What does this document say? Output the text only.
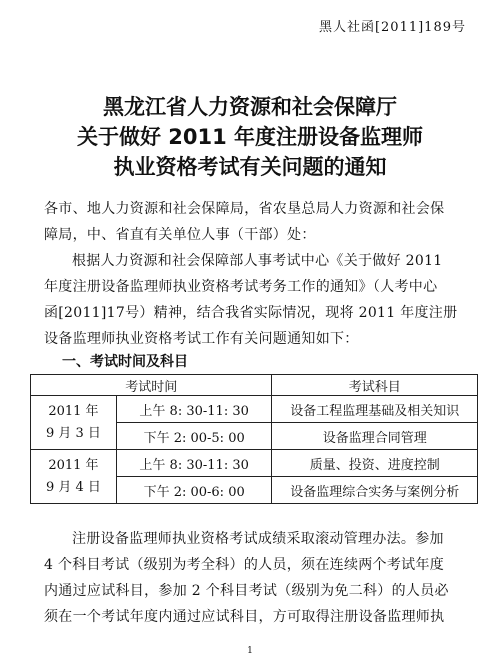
黑人社函[2011]189号
黑龙江省人力资源和社会保障厅
关于做好 2011 年度注册设备监理师
执业资格考试有关问题的通知
各市、地人力资源和社会保障局，省农垦总局人力资源和社会保
障局，中、省直有关单位人事（干部）处：
根据人力资源和社会保障部人事考试中心《关于做好 2011
年度注册设备监理师执业资格考试考务工作的通知》（人考中心
函[2011]17号）精神，结合我省实际情况，现将 2011 年度注册
设备监理师执业资格考试工作有关问题通知如下：
一、考试时间及科目
考试时间		考试科目

2011 年
9 月 3 日	上午 8: 30-11: 30	设备工程监理基础及相关知识
	下午 2: 00-5: 00	设备监理合同管理

2011 年
9 月 4 日	上午 8: 30-11: 30	质量、投资、进度控制
	下午 2: 00-6: 00	设备监理综合实务与案例分析
注册设备监理师执业资格考试成绩采取滚动管理办法。参加
4 个科目考试（级别为考全科）的人员，须在连续两个考试年度
内通过应试科目，参加 2 个科目考试（级别为免二科）的人员必
须在一个考试年度内通过应试科目，方可取得注册设备监理师执
1
